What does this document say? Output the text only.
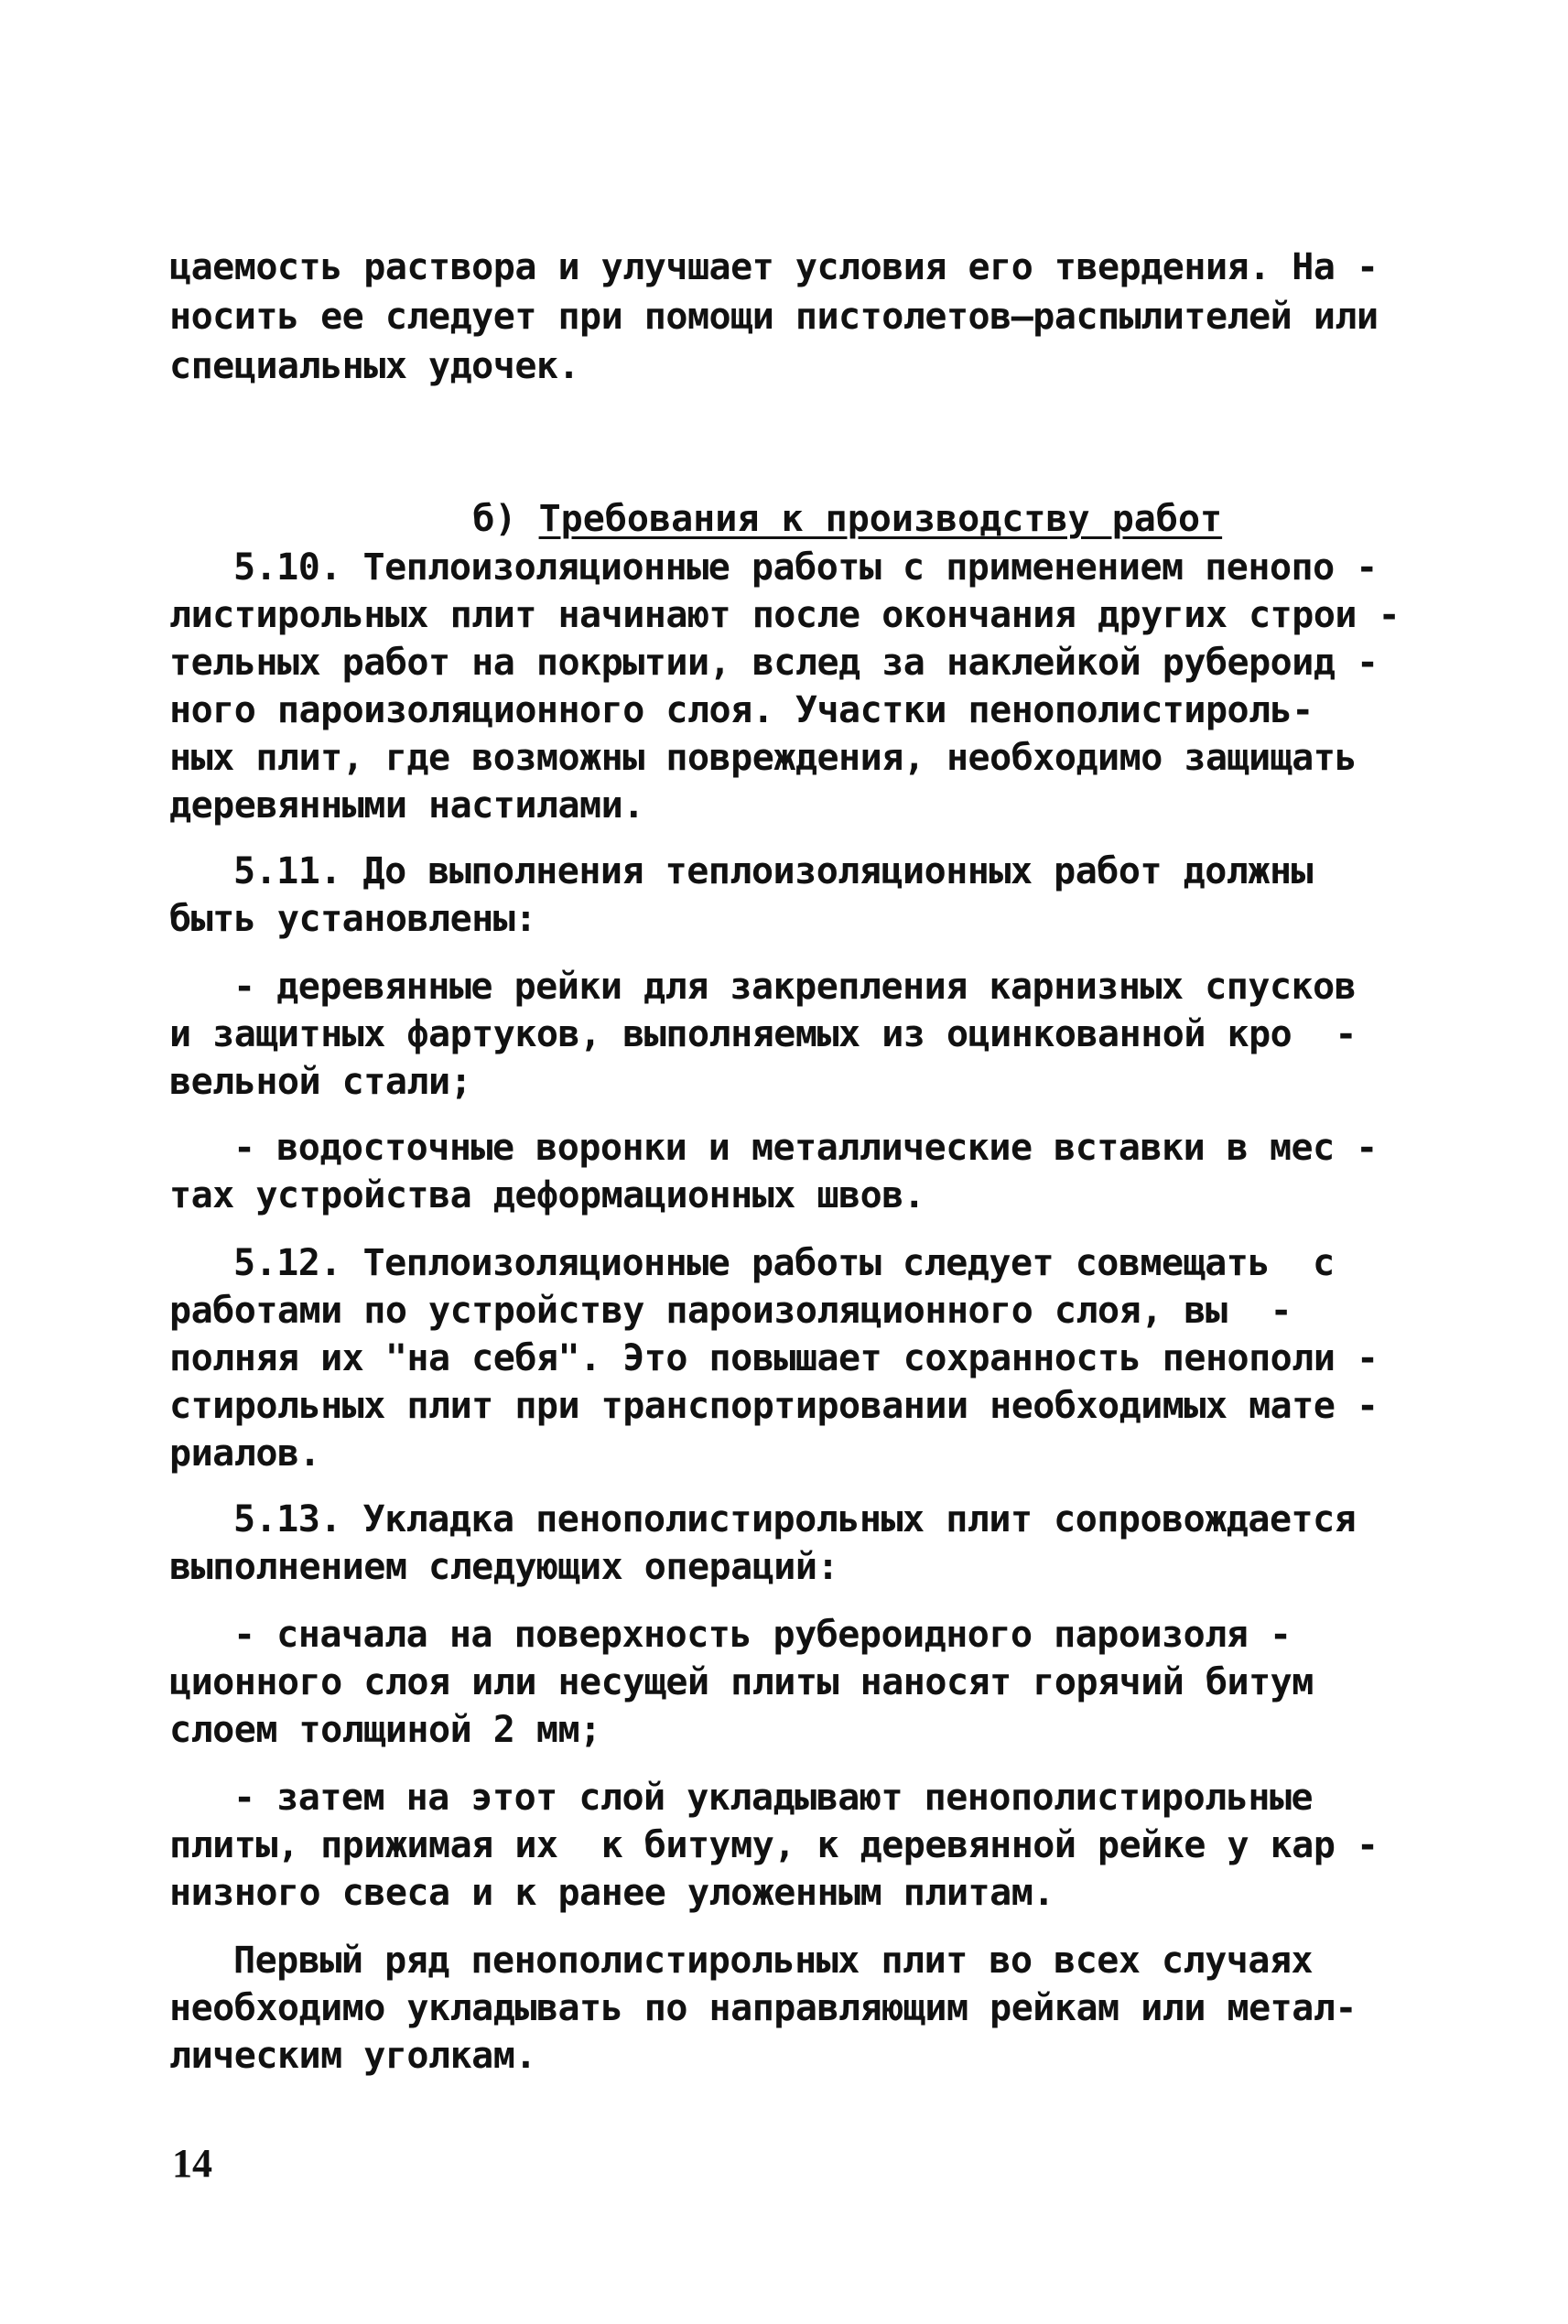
цаемость раствора и улучшает условия его твердения. На -
носить ее следует при помощи пистолетов–распылителей или
специальных удочек.

б) Требования к производству работ

5.10. Теплоизоляционные работы с применением пенопо -
листирольных плит начинают после окончания других строи -
тельных работ на покрытии, вслед за наклейкой рубероид -
ного пароизоляционного слоя. Участки пенополистироль-
ных плит, где возможны повреждения, необходимо защищать
деревянными настилами.
5.11. До выполнения теплоизоляционных работ должны
быть установлены:
- деревянные рейки для закрепления карнизных спусков
и защитных фартуков, выполняемых из оцинкованной кро  -
вельной стали;
- водосточные воронки и металлические вставки в мес -
тах устройства деформационных швов.
5.12. Теплоизоляционные работы следует совмещать  с
работами по устройству пароизоляционного слоя, вы  -
полняя их "на себя". Это повышает сохранность пенополи -
стирольных плит при транспортировании необходимых мате -
риалов.
5.13. Укладка пенополистирольных плит сопровождается
выполнением следующих операций:
- сначала на поверхность рубероидного пароизоля -
ционного слоя или несущей плиты наносят горячий битум
слоем толщиной 2 мм;
- затем на этот слой укладывают пенополистирольные
плиты, прижимая их  к битуму, к деревянной рейке у кар -
низного свеса и к ранее уложенным плитам.
Первый ряд пенополистирольных плит во всех случаях
необходимо укладывать по направляющим рейкам или метал-
лическим уголкам.
14
